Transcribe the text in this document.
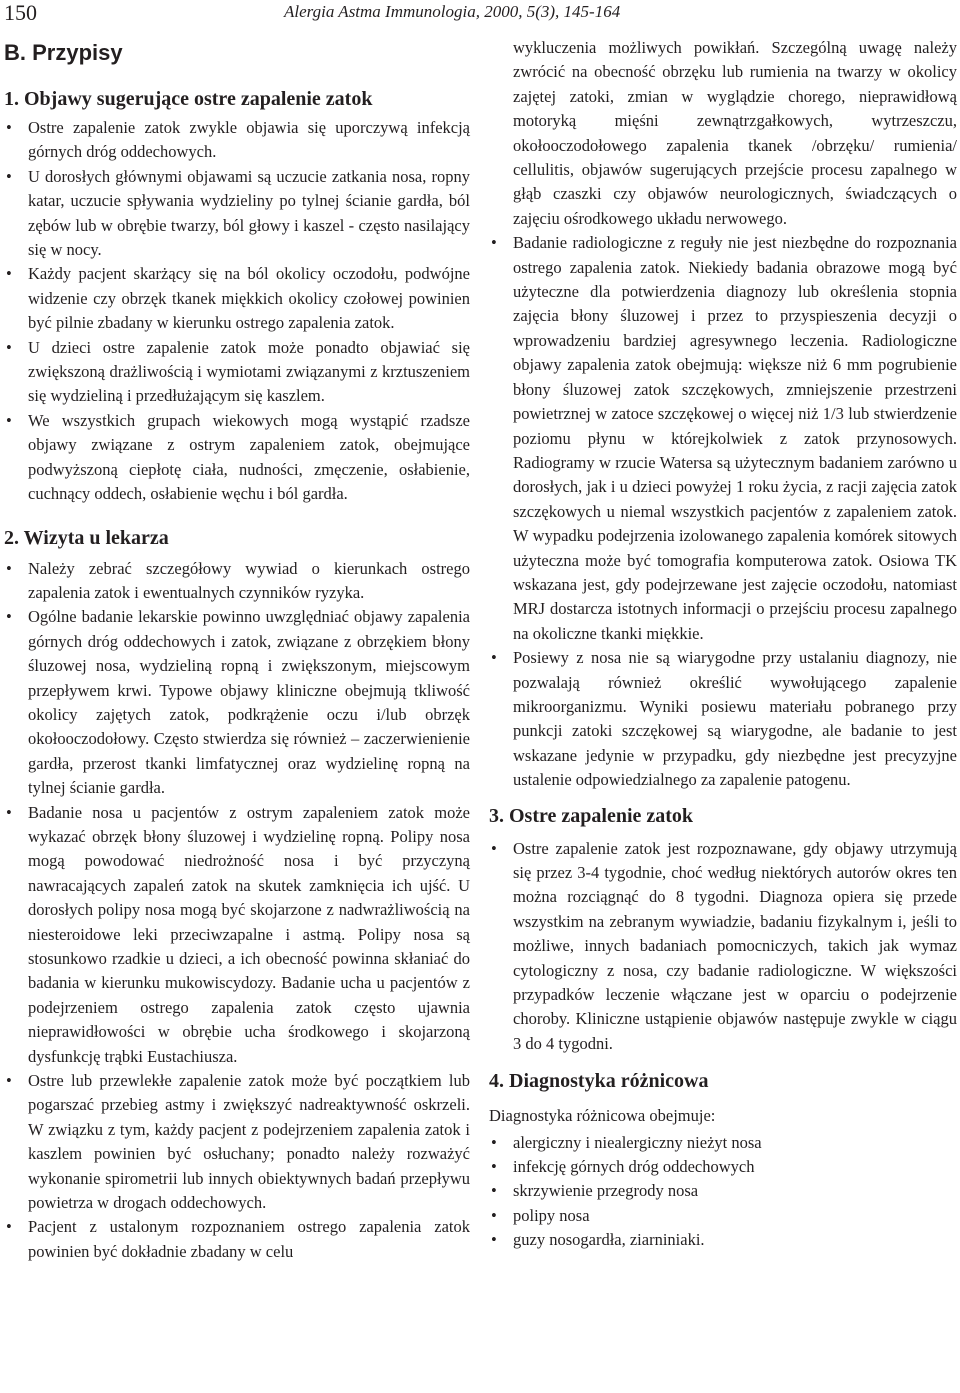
150	Alergia Astma Immunologia, 2000, 5(3), 145-164
B. Przypisy
1. Objawy sugerujące ostre zapalenie zatok
• Ostre zapalenie zatok zwykle objawia się uporczywą infekcją górnych dróg oddechowych.
• U dorosłych głównymi objawami są uczucie zatkania nosa, ropny katar, uczucie spływania wydzieliny po tylnej ścianie gardła, ból zębów lub w obrębie twarzy, ból głowy i kaszel - często nasilający się w nocy.
• Każdy pacjent skarżący się na ból okolicy oczodołu, podwójne widzenie czy obrzęk tkanek miękkich okolicy czołowej powinien być pilnie zbadany w kierunku ostrego zapalenia zatok.
• U dzieci ostre zapalenie zatok może ponadto objawiać się zwiększoną drażliwością i wymiotami związanymi z krztuszeniem się wydzieliną i przedłużającym się kaszlem.
• We wszystkich grupach wiekowych mogą wystąpić rzadsze objawy związane z ostrym zapaleniem zatok, obejmujące podwyższoną ciepłotę ciała, nudności, zmęczenie, osłabienie, cuchnący oddech, osłabienie węchu i ból gardła.
2. Wizyta u lekarza
• Należy zebrać szczegółowy wywiad o kierunkach ostrego zapalenia zatok i ewentualnych czynników ryzyka.
• Ogólne badanie lekarskie powinno uwzględniać objawy zapalenia górnych dróg oddechowych i zatok, związane z obrzękiem błony śluzowej nosa, wydzieliną ropną i zwiększonym, miejscowym przepływem krwi. Typowe objawy kliniczne obejmują tkliwość okolicy zajętych zatok, podkrążenie oczu i/lub obrzęk okołooczodołowy. Często stwierdza się również – zaczerwienienie gardła, przerost tkanki limfatycznej oraz wydzielinę ropną na tylnej ścianie gardła.
• Badanie nosa u pacjentów z ostrym zapaleniem zatok może wykazać obrzęk błony śluzowej i wydzielinę ropną. Polipy nosa mogą powodować niedrożność nosa i być przyczyną nawracających zapaleń zatok na skutek zamknięcia ich ujść. U dorosłych polipy nosa mogą być skojarzone z nadwrażliwością na niesteroidowe leki przeciwzapalne i astmą. Polipy nosa są stosunkowo rzadkie u dzieci, a ich obecność powinna skłaniać do badania w kierunku mukowiscydozy. Badanie ucha u pacjentów z podejrzeniem ostrego zapalenia zatok często ujawnia nieprawidłowości w obrębie ucha środkowego i skojarzoną dysfunkcję trąbki Eustachiusza.
• Ostre lub przewlekłe zapalenie zatok może być początkiem lub pogarszać przebieg astmy i zwiększyć nadreaktywność oskrzeli. W związku z tym, każdy pacjent z podejrzeniem zapalenia zatok i kaszlem powinien być osłuchany; ponadto należy rozważyć wykonanie spirometrii lub innych obiektywnych badań przepływu powietrza w drogach oddechowych.
• Pacjent z ustalonym rozpoznaniem ostrego zapalenia zatok powinien być dokładnie zbadany w celu
wykluczenia możliwych powikłań. Szczególną uwagę należy zwrócić na obecność obrzęku lub rumienia na twarzy w okolicy zajętej zatoki, zmian w wyglądzie chorego, nieprawidłową motoryką mięśni zewnątrzgałkowych, wytrzeszczu, okołooczodołowego zapalenia tkanek /obrzęku/ rumienia/ cellulitis, objawów sugerujących przejście procesu zapalnego w głąb czaszki czy objawów neurologicznych, świadczących o zajęciu ośrodkowego układu nerwowego.
• Badanie radiologiczne z reguły nie jest niezbędne do rozpoznania ostrego zapalenia zatok. Niekiedy badania obrazowe mogą być użyteczne dla potwierdzenia diagnozy lub określenia stopnia zajęcia błony śluzowej i przez to przyspieszenia decyzji o wprowadzeniu bardziej agresywnego leczenia. Radiologiczne objawy zapalenia zatok obejmują: większe niż 6 mm pogrubienie błony śluzowej zatok szczękowych, zmniejszenie przestrzeni powietrznej w zatoce szczękowej o więcej niż 1/3 lub stwierdzenie poziomu płynu w którejkolwiek z zatok przynosowych. Radiogramy w rzucie Watersa są użytecznym badaniem zarówno u dorosłych, jak i u dzieci powyżej 1 roku życia, z racji zajęcia zatok szczękowych u niemal wszystkich pacjentów z zapaleniem zatok. W wypadku podejrzenia izolowanego zapalenia komórek sitowych użyteczna może być tomografia komputerowa zatok. Osiowa TK wskazana jest, gdy podejrzewane jest zajęcie oczodołu, natomiast MRJ dostarcza istotnych informacji o przejściu procesu zapalnego na okoliczne tkanki miękkie.
• Posiewy z nosa nie są wiarygodne przy ustalaniu diagnozy, nie pozwalają również określić wywołującego zapalenie mikroorganizmu. Wyniki posiewu materiału pobranego przy punkcji zatoki szczękowej są wiarygodne, ale badanie to jest wskazane jedynie w przypadku, gdy niezbędne jest precyzyjne ustalenie odpowiedzialnego za zapalenie patogenu.
3. Ostre zapalenie zatok
• Ostre zapalenie zatok jest rozpoznawane, gdy objawy utrzymują się przez 3-4 tygodnie, choć według niektórych autorów okres ten można rozciągnąć do 8 tygodni. Diagnoza opiera się przede wszystkim na zebranym wywiadzie, badaniu fizykalnym i, jeśli to możliwe, innych badaniach pomocniczych, takich jak wymaz cytologiczny z nosa, czy badanie radiologiczne. W większości przypadków leczenie włączane jest w oparciu o podejrzenie choroby. Kliniczne ustąpienie objawów następuje zwykle w ciągu 3 do 4 tygodni.
4. Diagnostyka różnicowa

Diagnostyka różnicowa obejmuje:

• alergiczny i niealergiczny nieżyt nosa
• infekcję górnych dróg oddechowych
• skrzywienie przegrody nosa
• polipy nosa
• guzy nosogardła, ziarniniaki.
